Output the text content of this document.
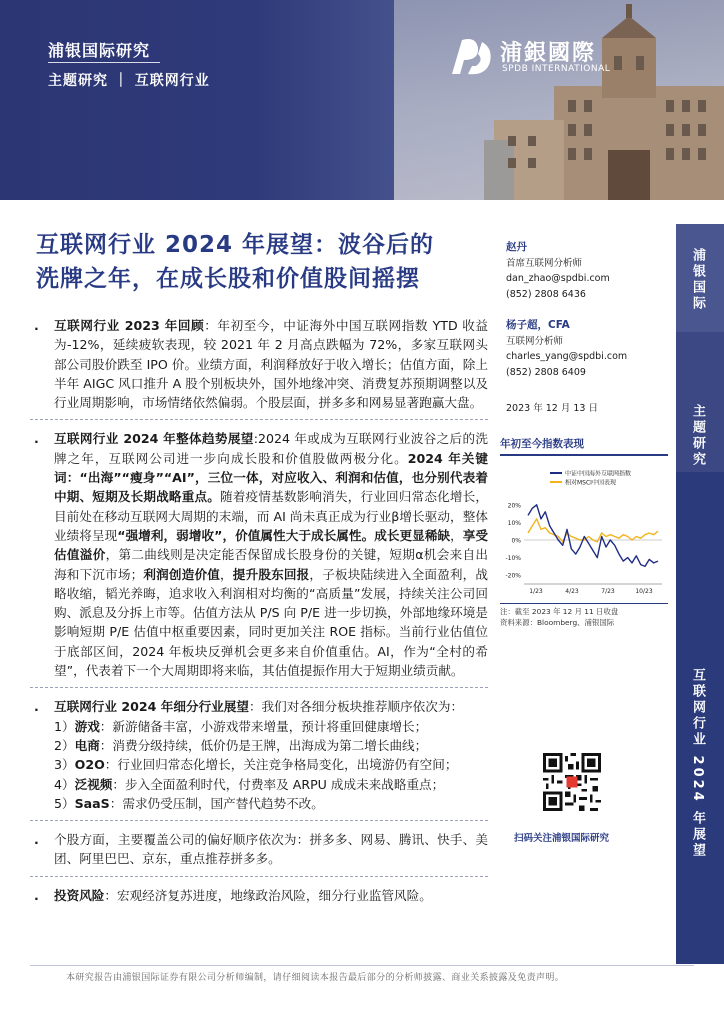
浦银国际研究
主题研究 ｜ 互联网行业
浦銀國際
SPDB INTERNATIONAL
互联网行业 2024 年展望：波谷后的
洗牌之年，在成长股和价值股间摇摆
. 互联网行业 2023 年回顾：年初至今，中证海外中国互联网指数 YTD 收益为-12%，延续疲软表现，较 2021 年 2 月高点跌幅为 72%，多家互联网头部公司股价跌至 IPO 价。业绩方面，利润释放好于收入增长；估值方面，除上半年 AIGC 风口推升 A 股个别板块外，国外地缘冲突、消费复苏预期调整以及行业周期影响，市场情绪依然偏弱。个股层面，拼多多和网易显著跑赢大盘。
. 互联网行业 2024 年整体趋势展望:2024 年或成为互联网行业波谷之后的洗牌之年，互联网公司进一步向成长股和价值股做两极分化。2024 年关键词：“出海”“瘦身”“AI”，三位一体，对应收入、利润和估值，也分别代表着中期、短期及长期战略重点。随着疫情基数影响消失，行业回归常态化增长，目前处在移动互联网大周期的末端，而 AI 尚未真正成为行业β增长驱动，整体业绩将呈现“强增利，弱增收”，价值属性大于成长属性。成长更显稀缺，享受估值溢价，第二曲线则是决定能否保留成长股身份的关键，短期α机会来自出海和下沉市场；利润创造价值，提升股东回报，子板块陆续进入全面盈利，战略收缩，韬光养晦，追求收入利润相对均衡的“高质量”发展，持续关注公司回购、派息及分拆上市等。估值方法从 P/S 向 P/E 进一步切换，外部地缘环境是影响短期 P/E 估值中枢重要因素，同时更加关注 ROE 指标。当前行业估值位于底部区间，2024 年板块反弹机会更多来自价值重估。AI，作为“全村的希望”，代表着下一个大周期即将来临，其估值提振作用大于短期业绩贡献。
. 互联网行业 2024 年细分行业展望：我们对各细分板块推荐顺序依次为：
1）游戏：新游储备丰富，小游戏带来增量，预计将重回健康增长；
2）电商：消费分级持续，低价仍是王牌，出海成为第二增长曲线；
3）O2O：行业回归常态化增长，关注竞争格局变化，出境游仍有空间；
4）泛视频：步入全面盈利时代，付费率及 ARPU 成成未来战略重点；
5）SaaS：需求仍受压制，国产替代趋势不改。
. 个股方面，主要覆盖公司的偏好顺序依次为：拼多多、网易、腾讯、快手、美团、阿里巴巴、京东，重点推荐拼多多。
. 投资风险：宏观经济复苏进度，地缘政治风险，细分行业监管风险。
赵丹
首席互联网分析师
dan_zhao@spdbi.com
(852) 2808 6436
杨子超，CFA
互联网分析师
charles_yang@spdbi.com
(852) 2808 6409
2023 年 12 月 13 日
年初至今指数表现
中证中国海外互联网指数
相对MSCI中国表现
20%
10%
0%
-10%
-20%
1/23	4/23	7/23	10/23
注：截至 2023 年 12 月 11 日收盘
资料来源：Bloomberg、浦银国际
扫码关注浦银国际研究
浦银国际
主题研究
互联网行业 2024 年展望
本研究报告由浦银国际证券有限公司分析师编制，请仔细阅读本报告最后部分的分析师披露、商业关系披露及免责声明。
